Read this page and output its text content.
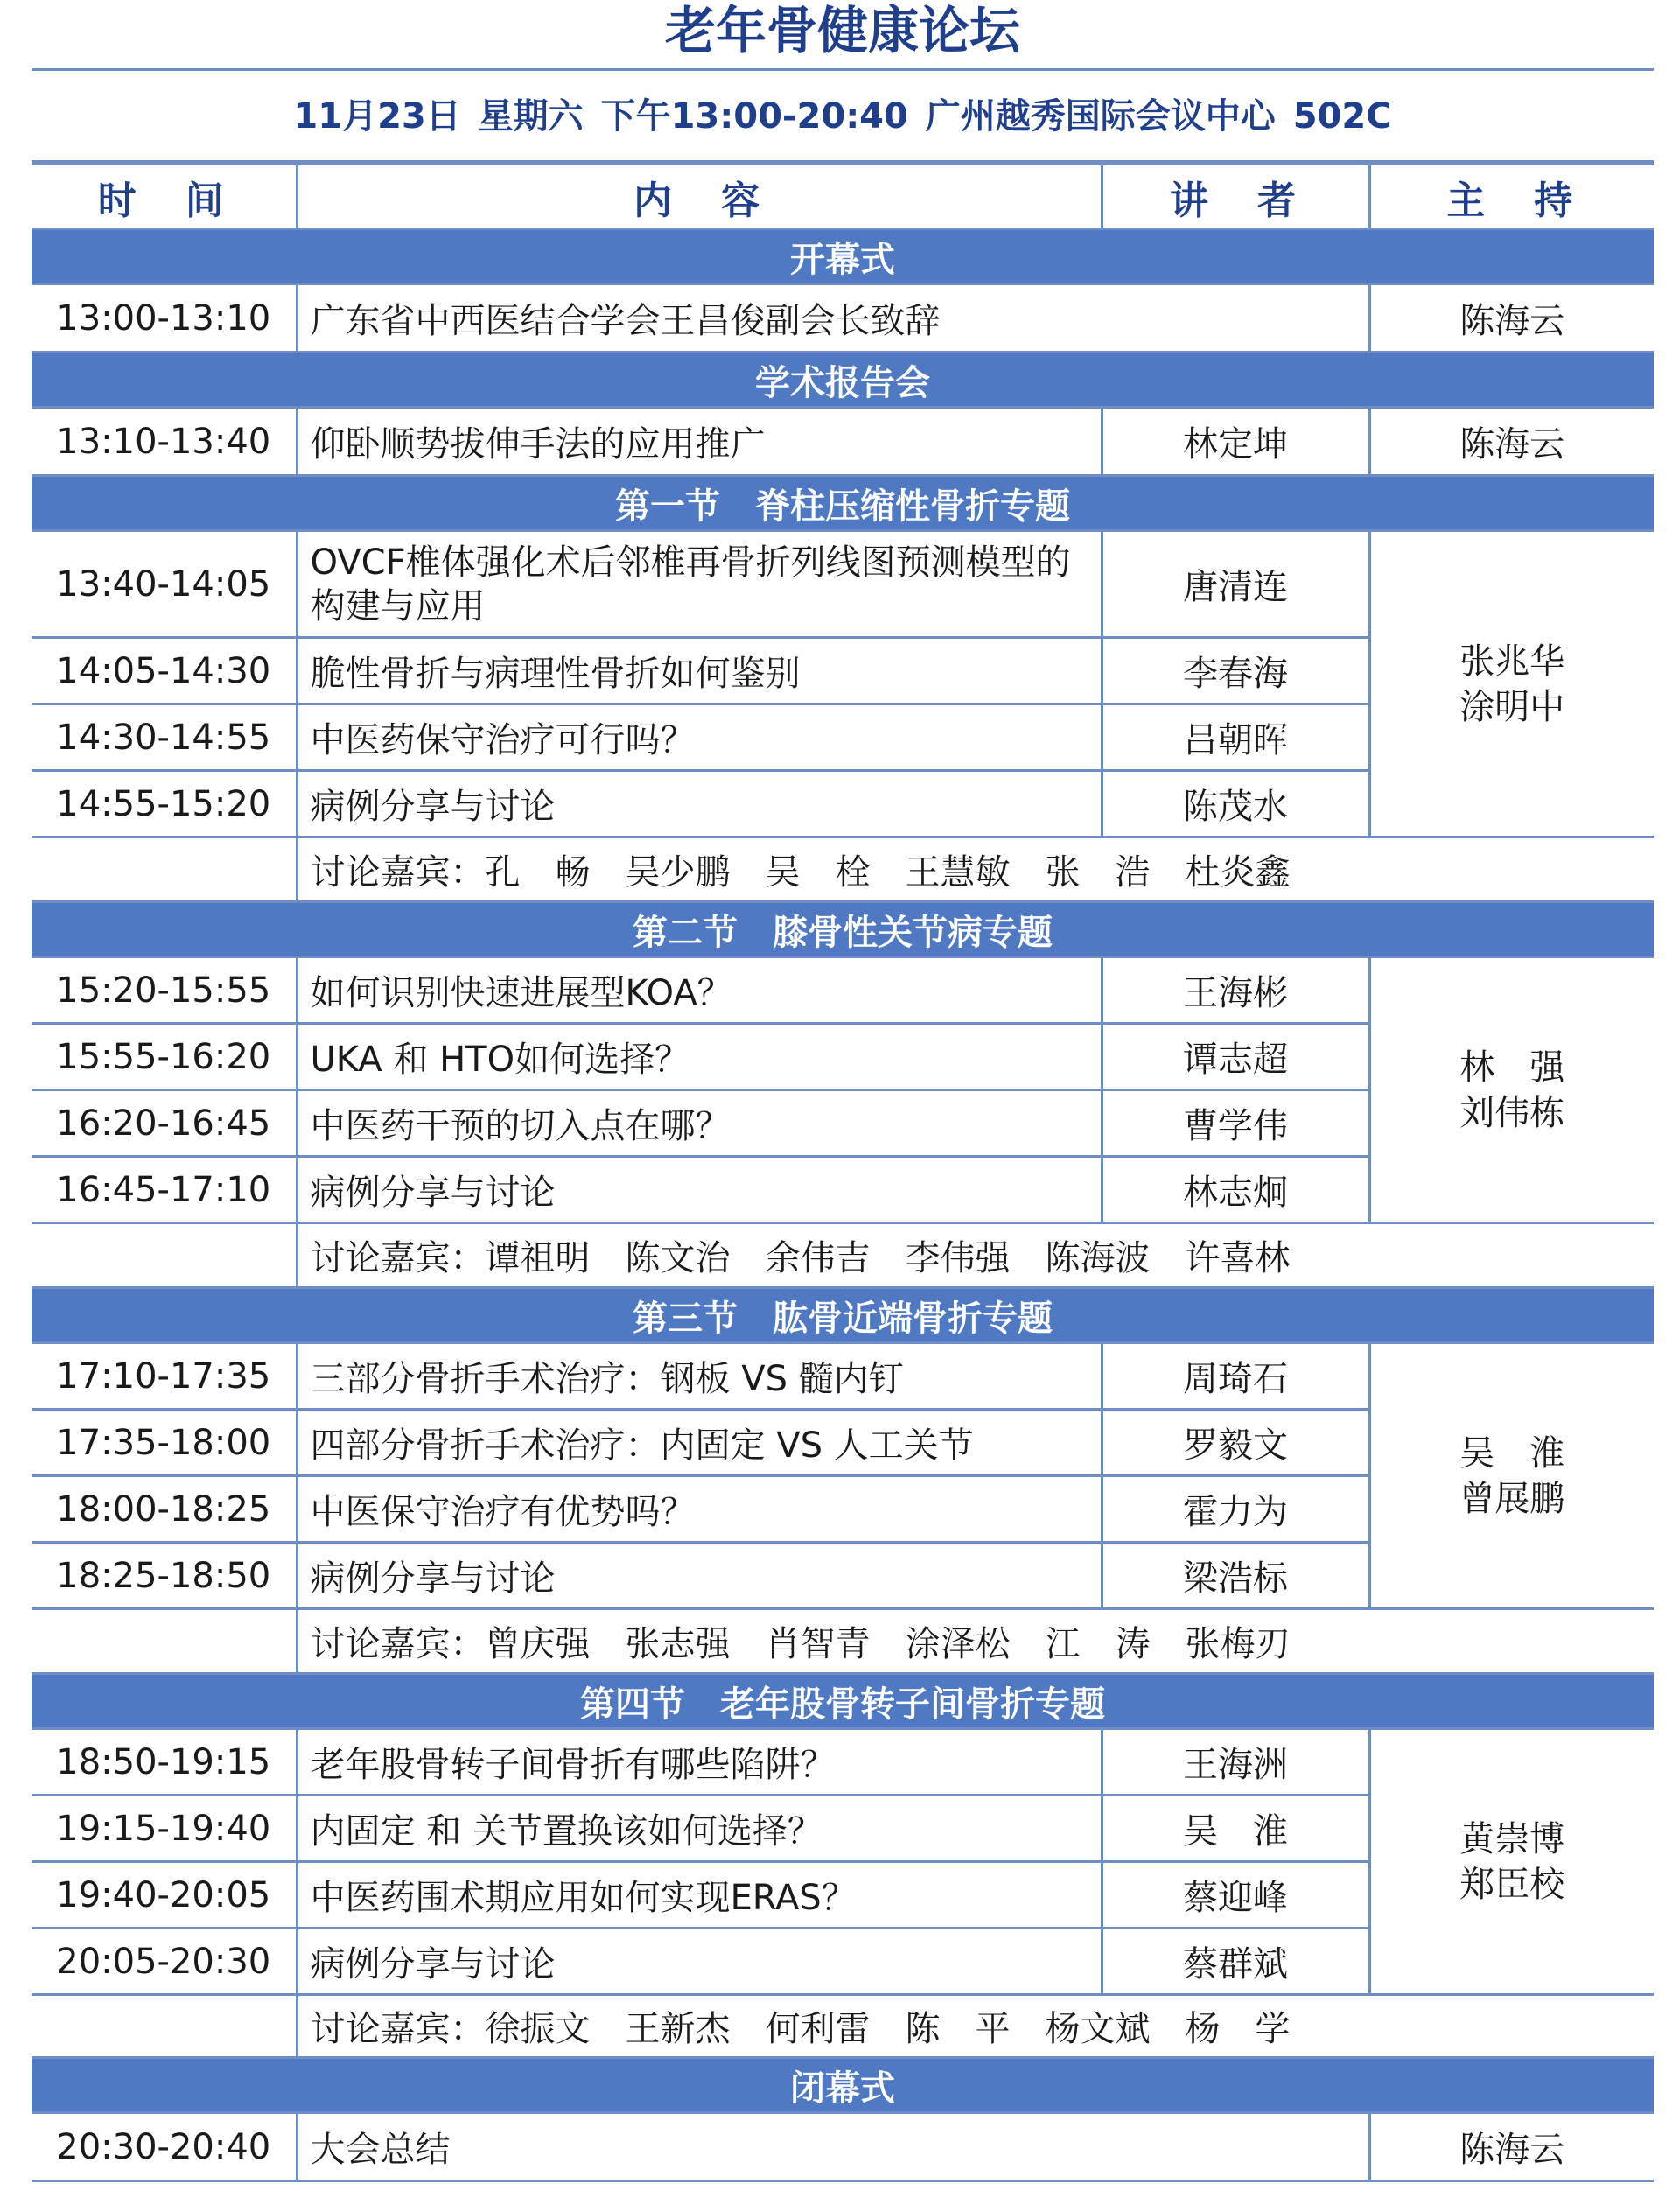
老年骨健康论坛
11月23日 星期六 下午13:00-20:40 广州越秀国际会议中心 502C
时　间	内　容	讲　者	主　持
开幕式			
13:00-13:10	广东省中西医结合学会王昌俊副会长致辞		陈海云
学术报告会			
13:10-13:40	仰卧顺势拔伸手法的应用推广	林定坤	陈海云
第一节　脊柱压缩性骨折专题			
13:40-14:05	OVCF椎体强化术后邻椎再骨折列线图预测模型的构建与应用	唐清连	张兆华
涂明中
14:05-14:30	脆性骨折与病理性骨折如何鉴别	李春海	
14:30-14:55	中医药保守治疗可行吗？	吕朝晖	
14:55-15:20	病例分享与讨论	陈茂水	
	讨论嘉宾：孔　畅　吴少鹏　吴　栓　王慧敏　张　浩　杜炎鑫		
第二节　膝骨性关节病专题			
15:20-15:55	如何识别快速进展型KOA？	王海彬	林　强
刘伟栋
15:55-16:20	UKA 和 HTO如何选择？	谭志超	
16:20-16:45	中医药干预的切入点在哪？	曹学伟	
16:45-17:10	病例分享与讨论	林志炯	
	讨论嘉宾：谭祖明　陈文治　余伟吉　李伟强　陈海波　许喜林		
第三节　肱骨近端骨折专题			
17:10-17:35	三部分骨折手术治疗：钢板 VS 髓内钉	周琦石	吴　淮
曾展鹏
17:35-18:00	四部分骨折手术治疗：内固定 VS 人工关节	罗毅文	
18:00-18:25	中医保守治疗有优势吗？	霍力为	
18:25-18:50	病例分享与讨论	梁浩标	
	讨论嘉宾：曾庆强　张志强　肖智青　涂泽松　江　涛　张梅刃		
第四节　老年股骨转子间骨折专题			
18:50-19:15	老年股骨转子间骨折有哪些陷阱？	王海洲	黄崇博
郑臣校
19:15-19:40	内固定 和 关节置换该如何选择？	吴　淮	
19:40-20:05	中医药围术期应用如何实现ERAS？	蔡迎峰	
20:05-20:30	病例分享与讨论	蔡群斌	
	讨论嘉宾：徐振文　王新杰　何利雷　陈　平　杨文斌　杨　学		
闭幕式			
20:30-20:40	大会总结		陈海云
